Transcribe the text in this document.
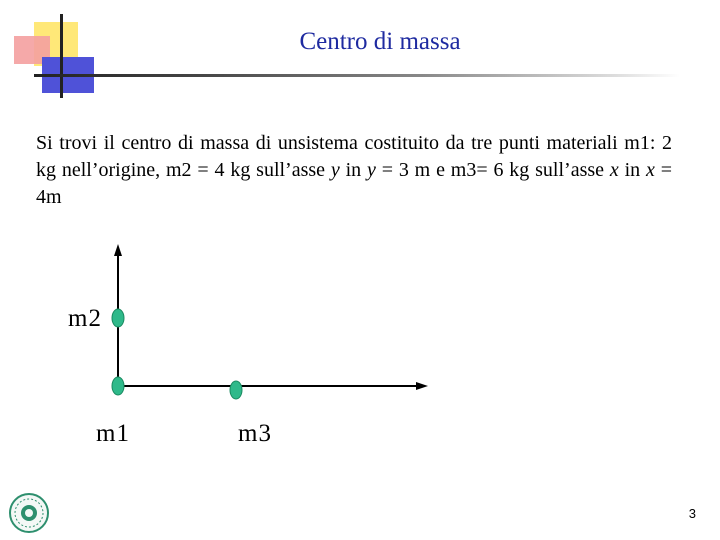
Centro di massa
Si trovi il centro di massa di unsistema costituito da tre punti materiali m1: 2 kg nell’origine, m2 = 4 kg sull’asse y in y = 3 m e m3= 6 kg sull’asse x in x = 4m
m2
m1	m3
3
